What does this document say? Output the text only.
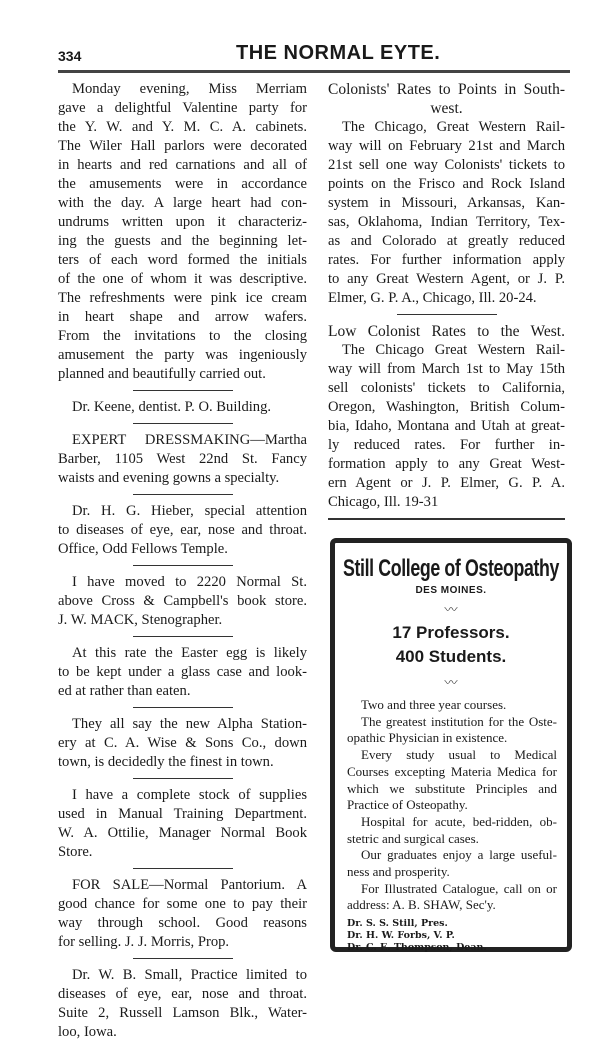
334	THE NORMAL EYTE.
Monday evening, Miss Merriam
gave a delightful Valentine party for
the Y. W. and Y. M. C. A. cabinets.
The Wiler Hall parlors were decorated
in hearts and red carnations and all of
the amusements were in accordance
with the day. A large heart had con-
undrums written upon it characteriz-
ing the guests and the beginning let-
ters of each word formed the initials
of the one of whom it was descriptive.
The refreshments were pink ice cream
in heart shape and arrow wafers.
From the invitations to the closing
amusement the party was ingeniously
planned and beautifully carried out.
Dr. Keene, dentist. P. O. Building.
EXPERT DRESSMAKING—Martha
Barber, 1105 West 22nd St. Fancy
waists and evening gowns a specialty.
Dr. H. G. Hieber, special attention
to diseases of eye, ear, nose and throat.
Office, Odd Fellows Temple.
I have moved to 2220 Normal St.
above Cross & Campbell's book store.
J. W. MACK, Stenographer.
At this rate the Easter egg is likely
to be kept under a glass case and look-
ed at rather than eaten.
They all say the new Alpha Station-
ery at C. A. Wise & Sons Co., down
town, is decidedly the finest in town.
I have a complete stock of supplies
used in Manual Training Department.
W. A. Ottilie, Manager Normal Book
Store.
FOR SALE—Normal Pantorium. A
good chance for some one to pay their
way through school. Good reasons
for selling. J. J. Morris, Prop.
Dr. W. B. Small, Practice limited to
diseases of eye, ear, nose and throat.
Suite 2, Russell Lamson Blk., Water-
loo, Iowa.
Colonists' Rates to Points in South-
west.
The Chicago, Great Western Rail-
way will on February 21st and March
21st sell one way Colonists' tickets to
points on the Frisco and Rock Island
system in Missouri, Arkansas, Kan-
sas, Oklahoma, Indian Territory, Tex-
as and Colorado at greatly reduced
rates. For further information apply
to any Great Western Agent, or J. P.
Elmer, G. P. A., Chicago, Ill. 20-24.
Low Colonist Rates to the West.
The Chicago Great Western Rail-
way will from March 1st to May 15th
sell colonists' tickets to California,
Oregon, Washington, British Colum-
bia, Idaho, Montana and Utah at great-
ly reduced rates. For further in-
formation apply to any Great West-
ern Agent or J. P. Elmer, G. P. A.
Chicago, Ill. 19-31
Still College of Osteopathy
DES MOINES.
〰
17 Professors.
400 Students.
〰
Two and three year courses.
The greatest institution for the Oste-
opathic Physician in existence.
Every study usual to Medical
Courses excepting Materia Medica for
which we substitute Principles and
Practice of Osteopathy.
Hospital for acute, bed-ridden, ob-
stetric and surgical cases.
Our graduates enjoy a large useful-
ness and prosperity.
For Illustrated Catalogue, call on or
address: A. B. SHAW, Sec'y.
Dr. S. S. Still, Pres.
Dr. H. W. Forbs, V. P.
Dr. C. E. Thompson, Dean.
